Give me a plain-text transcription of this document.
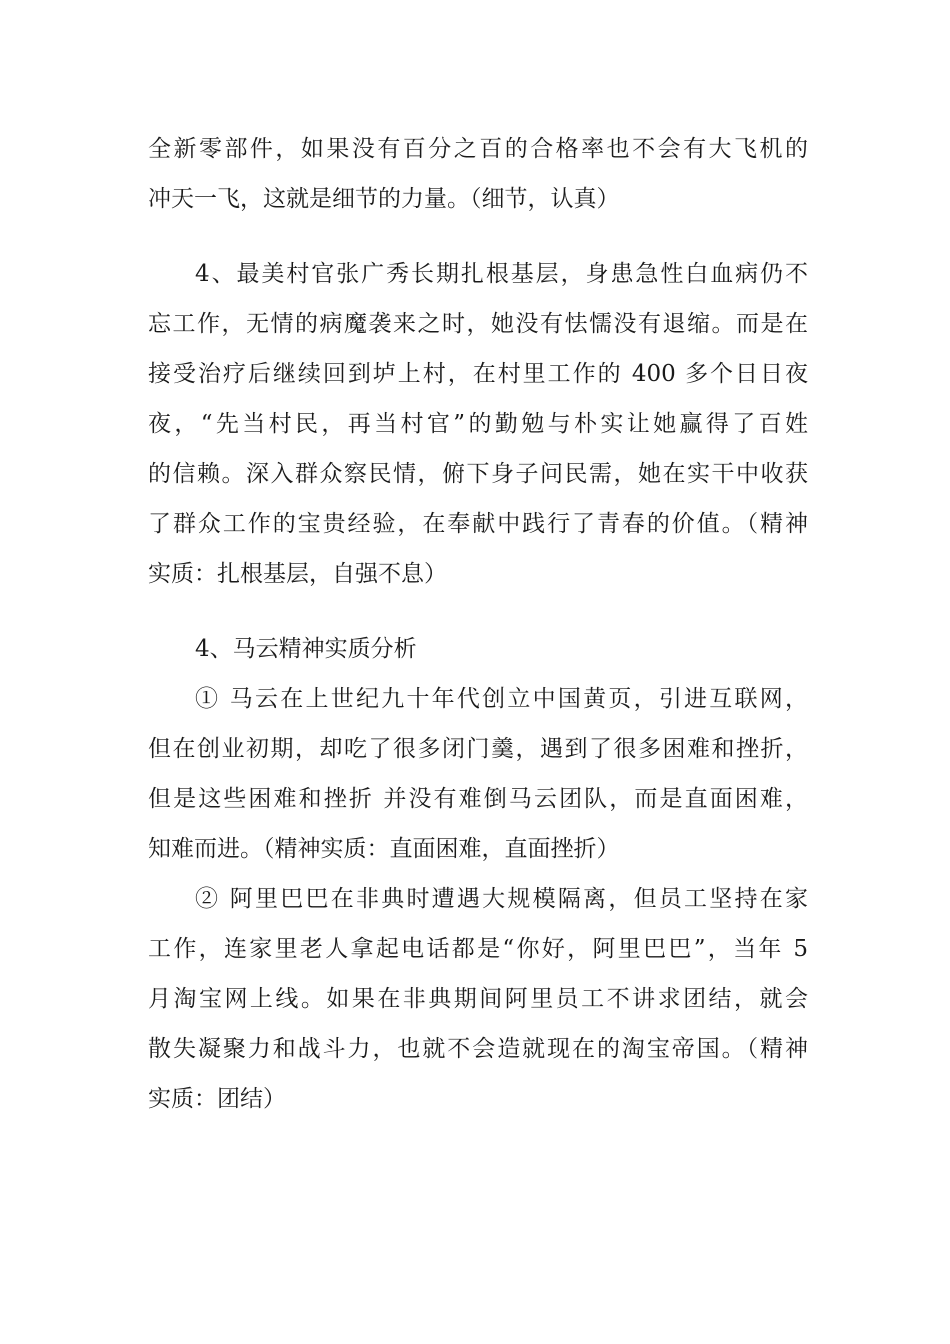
全新零部件，如果没有百分之百的合格率也不会有大飞机的

冲天一飞，这就是细节的力量。（细节，认真）

4、最美村官张广秀长期扎根基层，身患急性白血病仍不

忘工作，无情的病魔袭来之时，她没有怯懦没有退缩。而是在

接受治疗后继续回到垆上村，在村里工作的 400 多个日日夜

夜，“先当村民，再当村官”的勤勉与朴实让她赢得了百姓

的信赖。深入群众察民情，俯下身子问民需，她在实干中收获

了群众工作的宝贵经验，在奉献中践行了青春的价值。（精神

实质：扎根基层，自强不息）

4、马云精神实质分析

① 马云在上世纪九十年代创立中国黄页，引进互联网，

但在创业初期，却吃了很多闭门羹，遇到了很多困难和挫折，

但是这些困难和挫折 并没有难倒马云团队，而是直面困难，

知难而进。（精神实质：直面困难，直面挫折）

② 阿里巴巴在非典时遭遇大规模隔离，但员工坚持在家

工作，连家里老人拿起电话都是“你好，阿里巴巴”，当年 5

月淘宝网上线。如果在非典期间阿里员工不讲求团结，就会

散失凝聚力和战斗力，也就不会造就现在的淘宝帝国。（精神

实质：团结）
